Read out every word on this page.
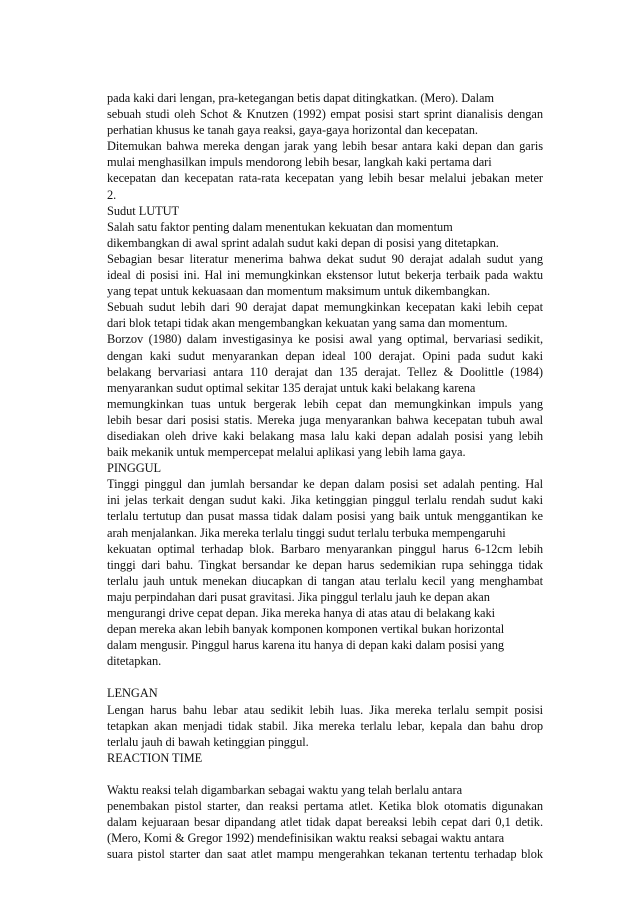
pada kaki dari lengan, pra-ketegangan betis dapat ditingkatkan. (Mero). Dalam
sebuah studi oleh Schot & Knutzen (1992) empat posisi start sprint dianalisis dengan
perhatian khusus ke tanah gaya reaksi, gaya-gaya horizontal dan kecepatan.
Ditemukan bahwa mereka dengan jarak yang lebih besar antara kaki depan dan garis
mulai menghasilkan impuls mendorong lebih besar, langkah kaki pertama dari
kecepatan dan kecepatan rata-rata kecepatan yang lebih besar melalui jebakan meter
2.
Sudut LUTUT
Salah satu faktor penting dalam menentukan kekuatan dan momentum
dikembangkan di awal sprint adalah sudut kaki depan di posisi yang ditetapkan.
Sebagian besar literatur menerima bahwa dekat sudut 90 derajat adalah sudut yang
ideal di posisi ini. Hal ini memungkinkan ekstensor lutut bekerja terbaik pada waktu
yang tepat untuk kekuasaan dan momentum maksimum untuk dikembangkan.
Sebuah sudut lebih dari 90 derajat dapat memungkinkan kecepatan kaki lebih cepat
dari blok tetapi tidak akan mengembangkan kekuatan yang sama dan momentum.
Borzov (1980) dalam investigasinya ke posisi awal yang optimal, bervariasi sedikit,
dengan kaki sudut menyarankan depan ideal 100 derajat. Opini pada sudut kaki
belakang bervariasi antara 110 derajat dan 135 derajat. Tellez & Doolittle (1984)
menyarankan sudut optimal sekitar 135 derajat untuk kaki belakang karena
memungkinkan tuas untuk bergerak lebih cepat dan memungkinkan impuls yang
lebih besar dari posisi statis. Mereka juga menyarankan bahwa kecepatan tubuh awal
disediakan oleh drive kaki belakang masa lalu kaki depan adalah posisi yang lebih
baik mekanik untuk mempercepat melalui aplikasi yang lebih lama gaya.
PINGGUL
Tinggi pinggul dan jumlah bersandar ke depan dalam posisi set adalah penting. Hal
ini jelas terkait dengan sudut kaki. Jika ketinggian pinggul terlalu rendah sudut kaki
terlalu tertutup dan pusat massa tidak dalam posisi yang baik untuk menggantikan ke
arah menjalankan. Jika mereka terlalu tinggi sudut terlalu terbuka mempengaruhi
kekuatan optimal terhadap blok. Barbaro menyarankan pinggul harus 6-12cm lebih
tinggi dari bahu. Tingkat bersandar ke depan harus sedemikian rupa sehingga tidak
terlalu jauh untuk menekan diucapkan di tangan atau terlalu kecil yang menghambat
maju perpindahan dari pusat gravitasi. Jika pinggul terlalu jauh ke depan akan
mengurangi drive cepat depan. Jika mereka hanya di atas atau di belakang kaki
depan mereka akan lebih banyak komponen komponen vertikal bukan horizontal
dalam mengusir. Pinggul harus karena itu hanya di depan kaki dalam posisi yang
ditetapkan.
LENGAN
Lengan harus bahu lebar atau sedikit lebih luas. Jika mereka terlalu sempit posisi
tetapkan akan menjadi tidak stabil. Jika mereka terlalu lebar, kepala dan bahu drop
terlalu jauh di bawah ketinggian pinggul.
REACTION TIME
Waktu reaksi telah digambarkan sebagai waktu yang telah berlalu antara
penembakan pistol starter, dan reaksi pertama atlet. Ketika blok otomatis digunakan
dalam kejuaraan besar dipandang atlet tidak dapat bereaksi lebih cepat dari 0,1 detik.
(Mero, Komi & Gregor 1992) mendefinisikan waktu reaksi sebagai waktu antara
suara pistol starter dan saat atlet mampu mengerahkan tekanan tertentu terhadap blok
